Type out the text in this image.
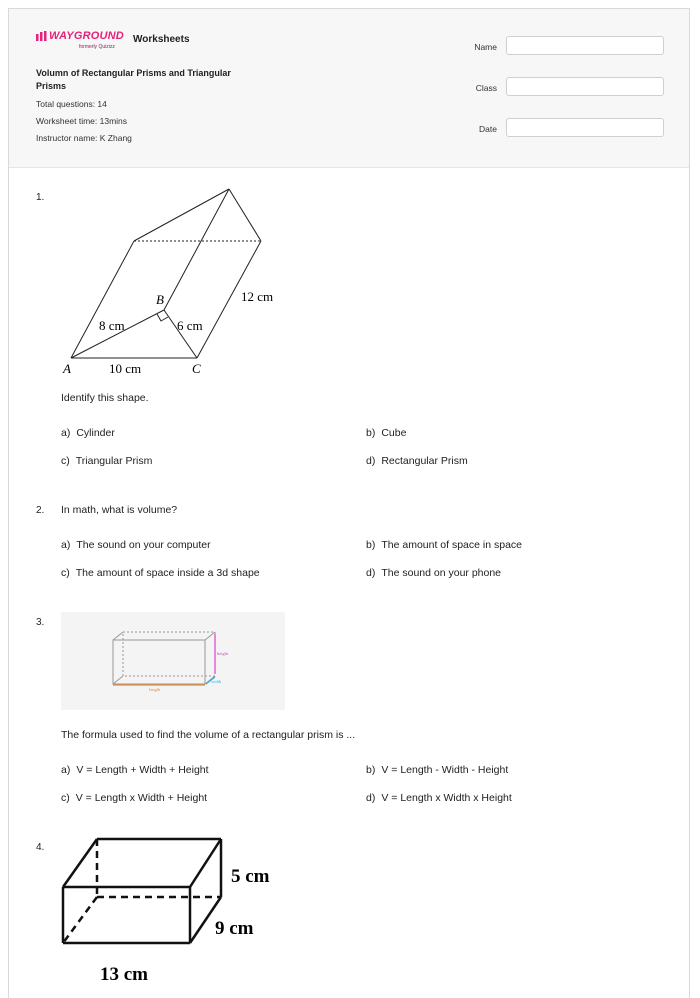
WAYGROUND
formerly Quizizz
Worksheets
Volumn of Rectangular Prisms and Triangular Prisms
Total questions: 14
Worksheet time: 13mins
Instructor name: K Zhang
Name
Class
Date
1.
A
B
C
8 cm	6 cm
10 cm
12 cm
Identify this shape.
a) Cylinder	b) Cube
c) Triangular Prism	d) Rectangular Prism
2. In math, what is volume?
a) The sound on your computer	b) The amount of space in space
c) The amount of space inside a 3d shape	d) The sound on your phone
3.
length
height
width
The formula used to find the volume of a rectangular prism is ...
a) V = Length + Width + Height	b) V = Length - Width - Height
c) V = Length x Width + Height	d) V = Length x Width x Height
4.
5 cm
9 cm
13 cm
